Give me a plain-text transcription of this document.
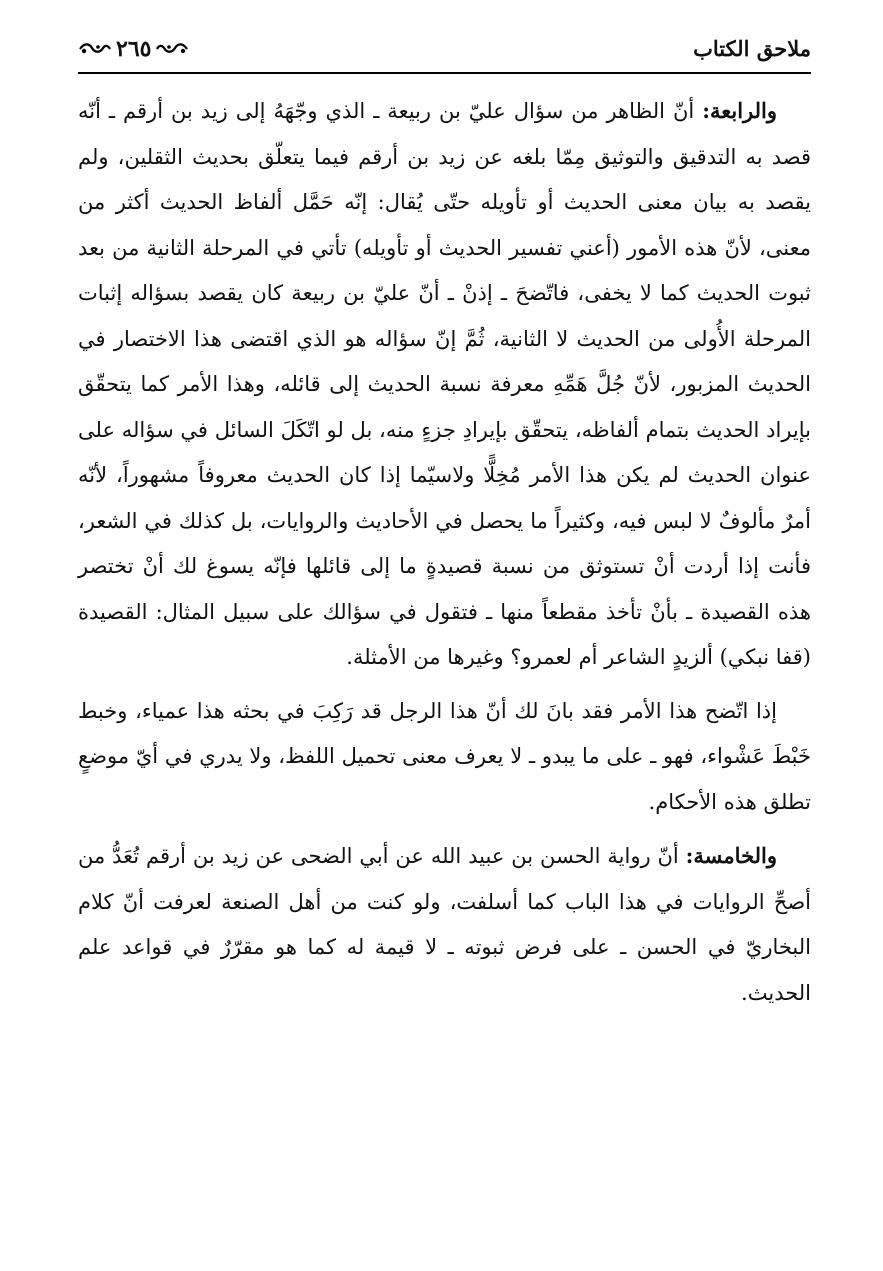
ملاحق الكتاب
٢٦٥

والرابعة: أنّ الظاهر من سؤال عليّ بن ربيعة ـ الذي وجّهَهُ إلى زيد بن أرقم ـ أنّه قصد به التدقيق والتوثيق مِمّا بلغه عن زيد بن أرقم فيما يتعلّق بحديث الثقلين، ولم يقصد به بيان معنى الحديث أو تأويله حتّى يُقال: إنّه حَمَّل ألفاظ الحديث أكثر من معنى، لأنّ هذه الأمور (أعني تفسير الحديث أو تأويله) تأتي في المرحلة الثانية من بعد ثبوت الحديث كما لا يخفى، فاتّضحَ ـ إذنْ ـ أنّ عليّ بن ربيعة كان يقصد بسؤاله إثبات المرحلة الأُولى من الحديث لا الثانية، ثُمَّ إنّ سؤاله هو الذي اقتضى هذا الاختصار في الحديث المزبور، لأنّ جُلَّ هَمِّهِ معرفة نسبة الحديث إلى قائله، وهذا الأمر كما يتحقّق بإيراد الحديث بتمام ألفاظه، يتحقّق بإيرادِ جزءٍ منه، بل لو اتّكَلَ السائل في سؤاله على عنوان الحديث لم يكن هذا الأمر مُخِلًّا ولاسيّما إذا كان الحديث معروفاً مشهوراً، لأنّه أمرٌ مألوفٌ لا لبس فيه، وكثيراً ما يحصل في الأحاديث والروايات، بل كذلك في الشعر، فأنت إذا أردت أنْ تستوثق من نسبة قصيدةٍ ما إلى قائلها فإنّه يسوغ لك أنْ تختصر هذه القصيدة ـ بأنْ تأخذ مقطعاً منها ـ فتقول في سؤالك على سبيل المثال: القصيدة (قفا نبكي) ألزيدٍ الشاعر أم لعمرو؟ وغيرها من الأمثلة.

إذا اتّضح هذا الأمر فقد بانَ لك أنّ هذا الرجل قد رَكِبَ في بحثه هذا عمياء، وخبط خَبْطَ عَشْواء، فهو ـ على ما يبدو ـ لا يعرف معنى تحميل اللفظ، ولا يدري في أيّ موضعٍ تطلق هذه الأحكام.

والخامسة: أنّ رواية الحسن بن عبيد الله عن أبي الضحى عن زيد بن أرقم تُعَدُّ من أصحِّ الروايات في هذا الباب كما أسلفت، ولو كنت من أهل الصنعة لعرفت أنّ كلام البخاريّ في الحسن ـ على فرض ثبوته ـ لا قيمة له كما هو مقرّرٌ في قواعد علم الحديث.
